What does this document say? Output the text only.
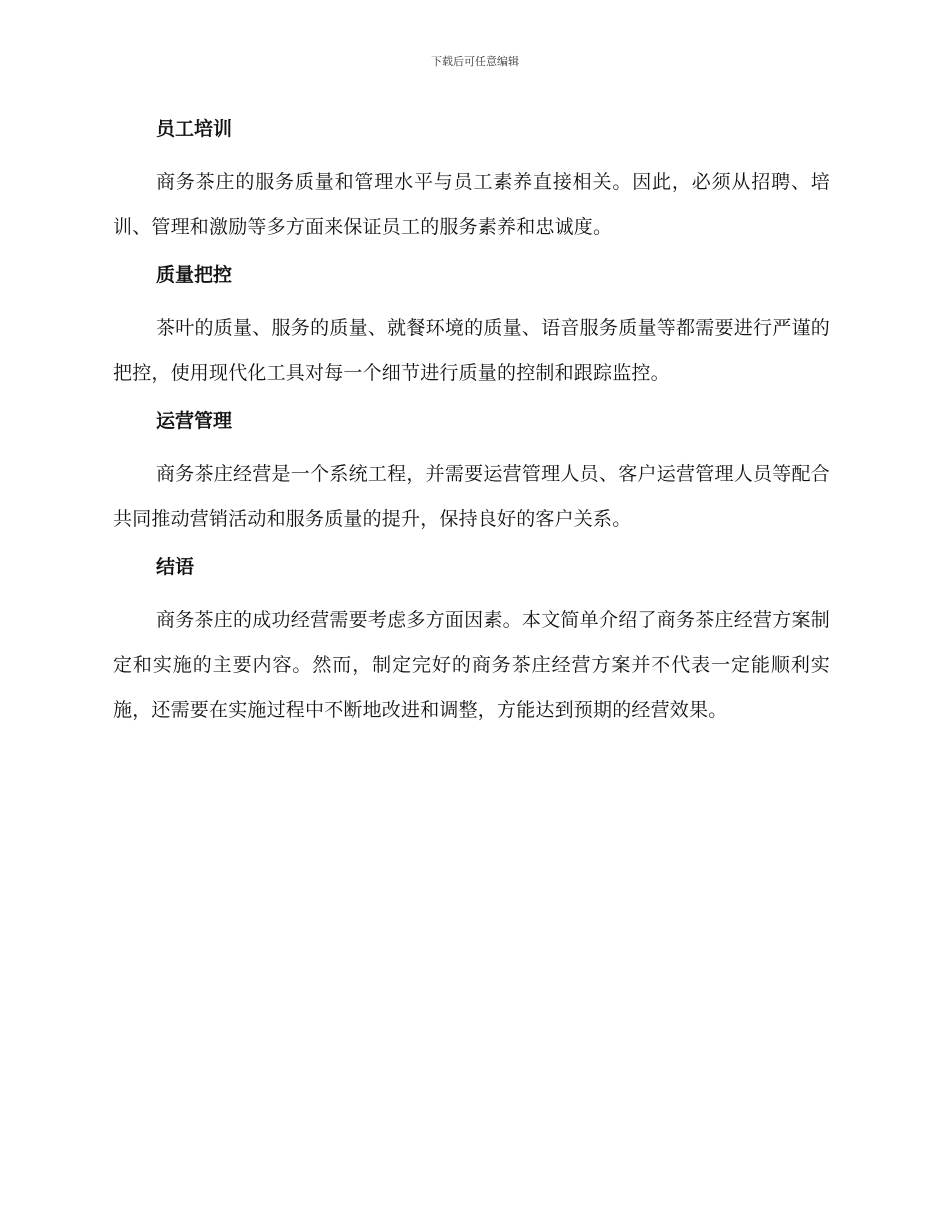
下载后可任意编辑
员工培训

商务茶庄的服务质量和管理水平与员工素养直接相关。因此，必须从招聘、培训、管理和激励等多方面来保证员工的服务素养和忠诚度。

质量把控

茶叶的质量、服务的质量、就餐环境的质量、语音服务质量等都需要进行严谨的把控，使用现代化工具对每一个细节进行质量的控制和跟踪监控。

运营管理

商务茶庄经营是一个系统工程，并需要运营管理人员、客户运营管理人员等配合共同推动营销活动和服务质量的提升，保持良好的客户关系。

结语

商务茶庄的成功经营需要考虑多方面因素。本文简单介绍了商务茶庄经营方案制定和实施的主要内容。然而，制定完好的商务茶庄经营方案并不代表一定能顺利实施，还需要在实施过程中不断地改进和调整，方能达到预期的经营效果。
